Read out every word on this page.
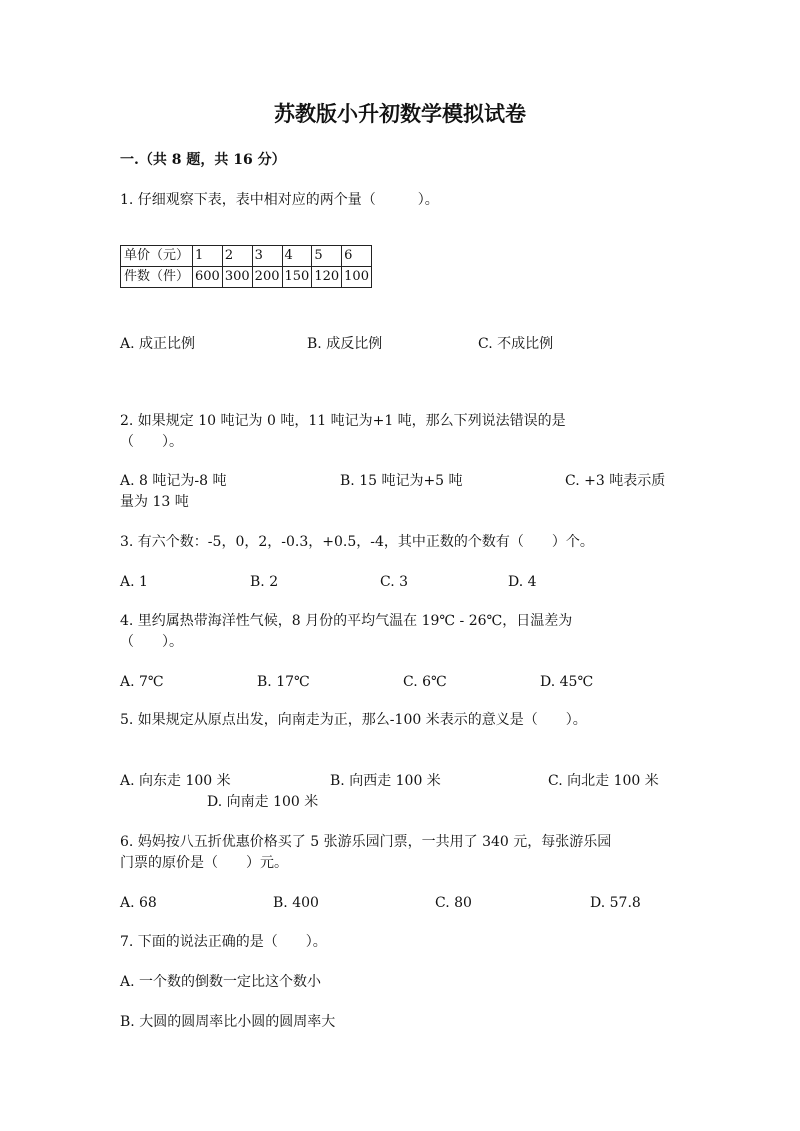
苏教版小升初数学模拟试卷
一.（共 8 题，共 16 分）
1. 仔细观察下表，表中相对应的两个量（　　　）。
单价（元）	1	2	3	4	5	6
件数（件）	600	300	200	150	120	100
A. 成正比例	B. 成反比例	C. 不成比例
2. 如果规定 10 吨记为 0 吨，11 吨记为+1 吨，那么下列说法错误的是
（　　）。
A. 8 吨记为-8 吨	B. 15 吨记为+5 吨	C. +3 吨表示质
量为 13 吨
3. 有六个数：-5，0，2，-0.3，+0.5，-4，其中正数的个数有（　　）个。
A. 1	B. 2	C. 3	D. 4
4. 里约属热带海洋性气候，8 月份的平均气温在 19℃ - 26℃，日温差为
（　　）。
A. 7℃	B. 17℃	C. 6℃	D. 45℃
5. 如果规定从原点出发，向南走为正，那么-100 米表示的意义是（　　）。
A. 向东走 100 米	B. 向西走 100 米	C. 向北走 100 米
D. 向南走 100 米
6. 妈妈按八五折优惠价格买了 5 张游乐园门票，一共用了 340 元，每张游乐园
门票的原价是（　　）元。
A. 68	B. 400	C. 80	D. 57.8
7. 下面的说法正确的是（　　）。
A. 一个数的倒数一定比这个数小
B. 大圆的圆周率比小圆的圆周率大
